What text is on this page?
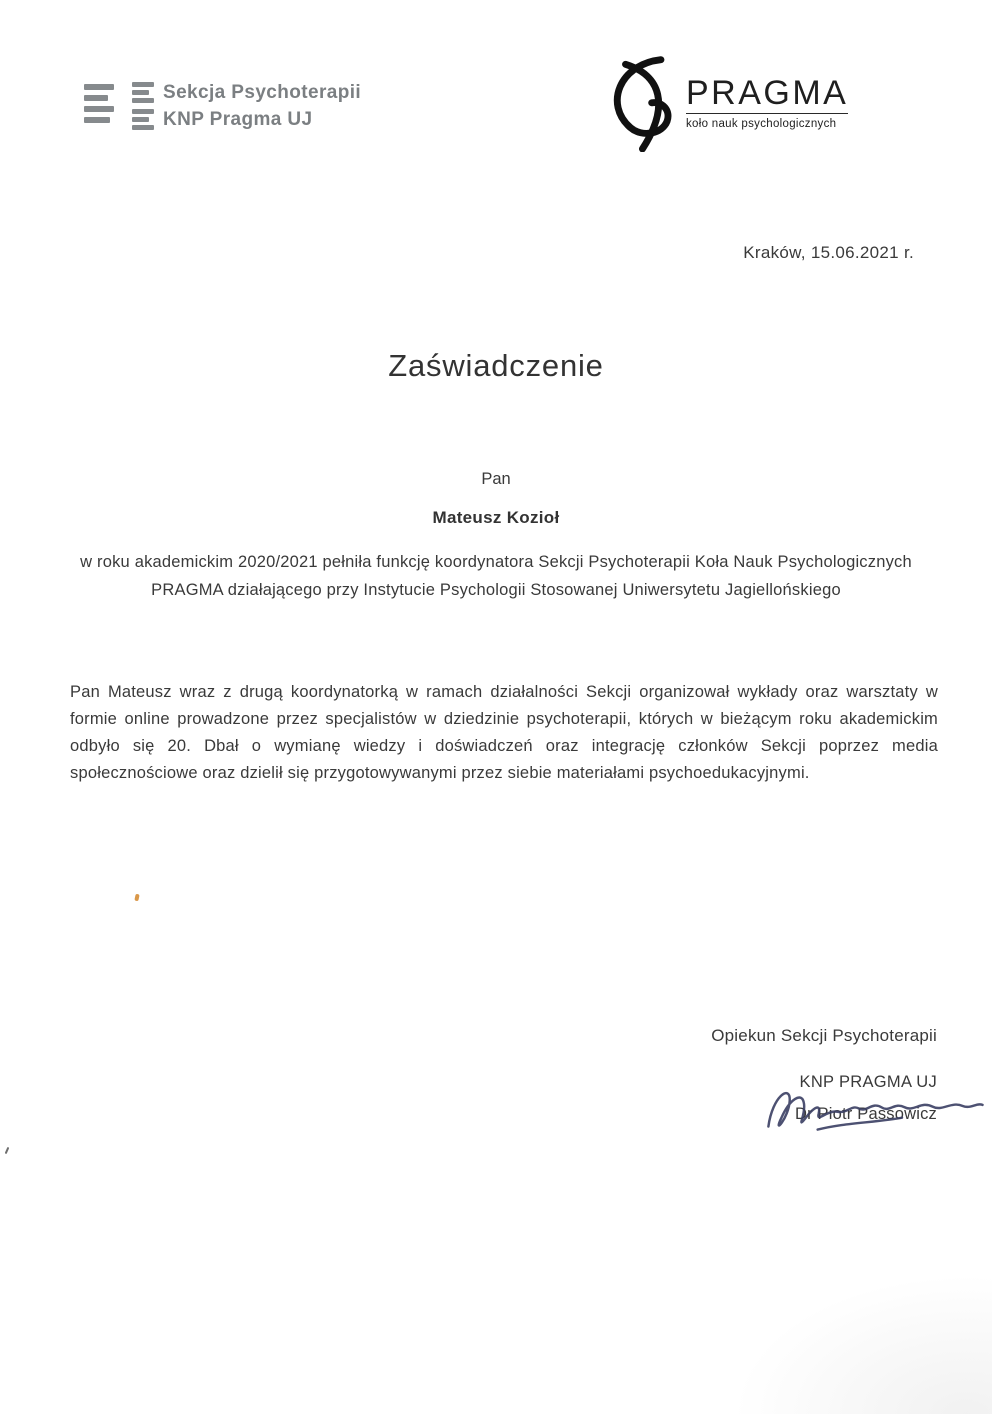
Sekcja Psychoterapii
KNP Pragma UJ
PRAGMA
koło nauk psychologicznych
Kraków, 15.06.2021 r.
Zaświadczenie
Pan
Mateusz Kozioł
w roku akademickim 2020/2021 pełniła funkcję koordynatora Sekcji Psychoterapii Koła Nauk Psychologicznych PRAGMA działającego przy Instytucie Psychologii Stosowanej Uniwersytetu Jagiellońskiego
Pan Mateusz wraz z drugą koordynatorką w ramach działalności Sekcji organizował wykłady oraz warsztaty w formie online prowadzone przez specjalistów w dziedzinie psychoterapii, których w bieżącym roku akademickim odbyło się 20. Dbał o wymianę wiedzy i doświadczeń oraz integrację członków Sekcji poprzez media społecznościowe oraz dzielił się przygotowywanymi przez siebie materiałami psychoedukacyjnymi.
Opiekun Sekcji Psychoterapii
KNP PRAGMA UJ
Dr Piotr Passowicz
